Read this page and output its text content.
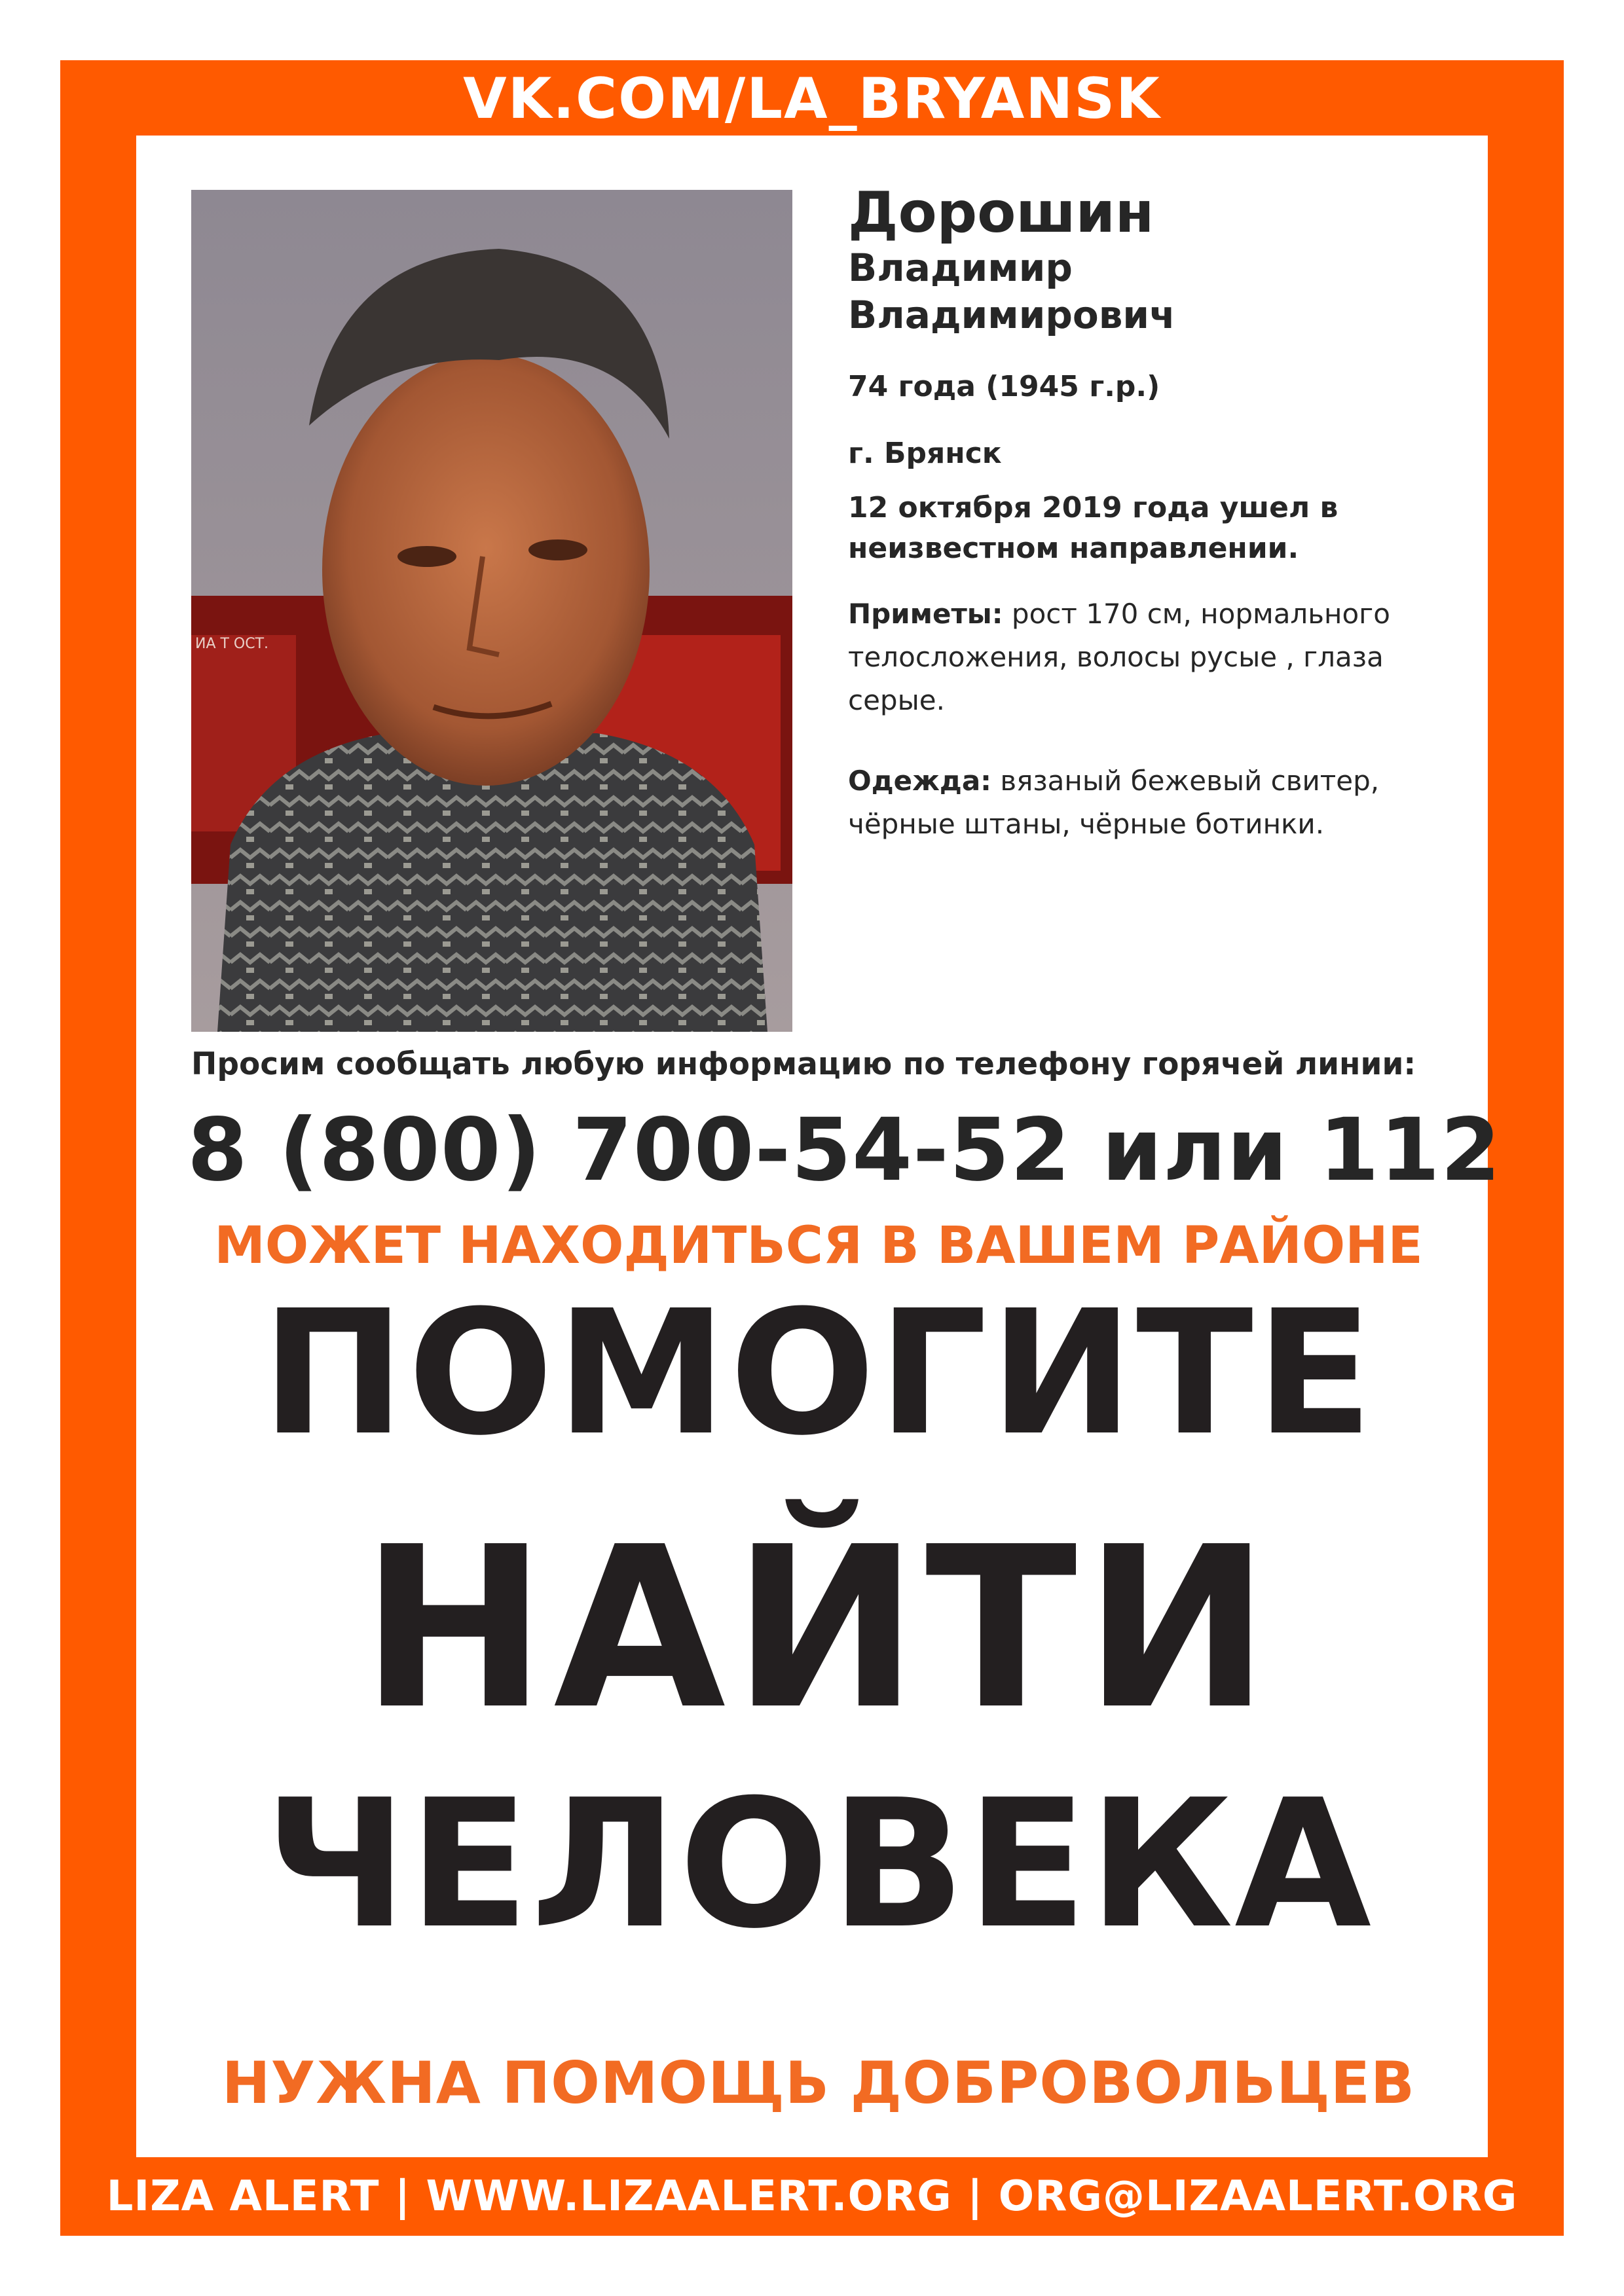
VK.COM/LA_BRYANSK
ИА Т ОСТ.
Дорошин
Владимир
Владимирович
74 года (1945 г.р.)
г. Брянск
12 октября 2019 года ушел в неизвестном направлении.
Приметы: рост 170 см, нормального телосложения, волосы русые , глаза серые.
Одежда: вязаный бежевый свитер, чёрные штаны, чёрные ботинки.
Просим сообщать любую информацию по телефону горячей линии:
8 (800) 700-54-52 или 112
МОЖЕТ НАХОДИТЬСЯ В ВАШЕМ РАЙОНЕ
ПОМОГИТЕ
НАЙТИ
ЧЕЛОВЕКА
НУЖНА ПОМОЩЬ ДОБРОВОЛЬЦЕВ
LIZA ALERT | WWW.LIZAALERT.ORG | ORG@LIZAALERT.ORG
